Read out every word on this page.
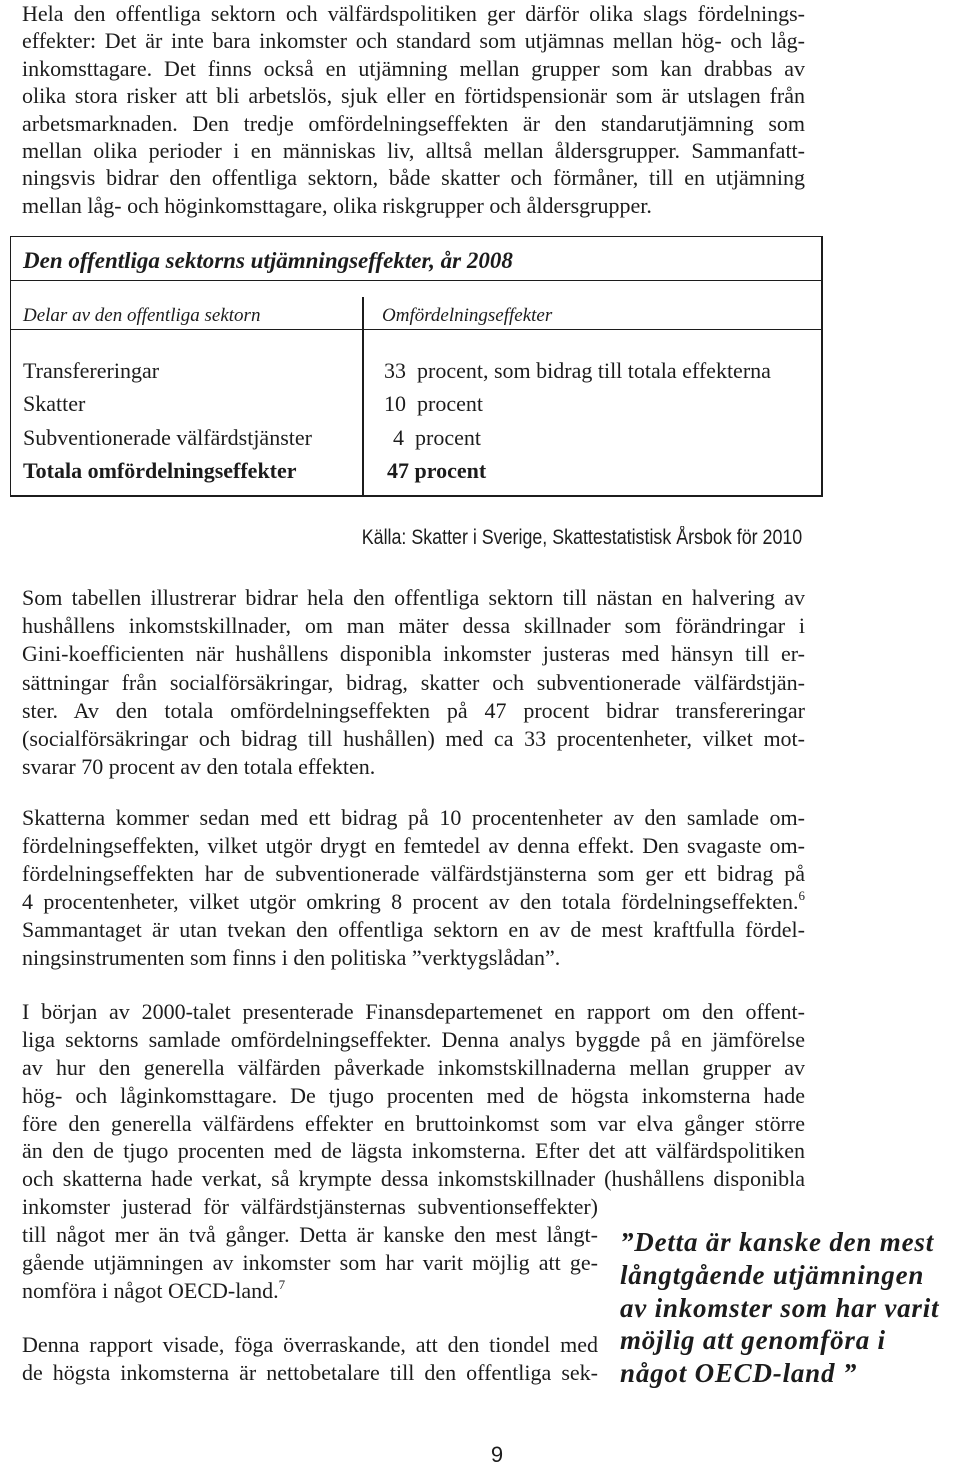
Hela den offentliga sektorn och välfärdspolitiken ger därför olika slags fördelnings-
effekter: Det är inte bara inkomster och standard som utjämnas mellan hög- och låg-
inkomsttagare. Det finns också en utjämning mellan grupper som kan drabbas av
olika stora risker att bli arbetslös, sjuk eller en förtidspensionär som är utslagen från
arbetsmarknaden. Den tredje omfördelningseffekten är den standarutjämning som
mellan olika perioder i en människas liv, alltså mellan åldersgrupper. Sammanfatt-
ningsvis bidrar den offentliga sektorn, både skatter och förmåner, till en utjämning
mellan låg- och höginkomsttagare, olika riskgrupper och åldersgrupper.
Den offentliga sektorns utjämningseffekter, år 2008
Delar av den offentliga sektorn	Omfördelningseffekter
Transfereringar	33  procent, som bidrag till totala effekterna
Skatter	10  procent
Subventionerade välfärdstjänster	4  procent
Totala omfördelningseffekter	47 procent
Källa: Skatter i Sverige, Skattestatistisk Årsbok för 2010
Som tabellen illustrerar bidrar hela den offentliga sektorn till nästan en halvering av
hushållens inkomstskillnader, om man mäter dessa skillnader som förändringar i
Gini-koefficienten när hushållens disponibla inkomster justeras med hänsyn till er-
sättningar från socialförsäkringar, bidrag, skatter och subventionerade välfärdstjän-
ster. Av den totala omfördelningseffekten på 47 procent bidrar transfereringar
(socialförsäkringar och bidrag till hushållen) med ca 33 procentenheter, vilket mot-
svarar 70 procent av den totala effekten.
Skatterna kommer sedan med ett bidrag på 10 procentenheter av den samlade om-
fördelningseffekten, vilket utgör drygt en femtedel av denna effekt. Den svagaste om-
fördelningseffekten har de subventionerade välfärdstjänsterna som ger ett bidrag på
4 procentenheter, vilket utgör omkring 8 procent av den totala fördelningseffekten.$^6$
Sammantaget är utan tvekan den offentliga sektorn en av de mest kraftfulla fördel-
ningsinstrumenten som finns i den politiska ”verktygslådan”.
I början av 2000-talet presenterade Finansdepartemenet en rapport om den offent-
liga sektorns samlade omfördelningseffekter. Denna analys byggde på en jämförelse
av hur den generella välfärden påverkade inkomstskillnaderna mellan grupper av
hög- och låginkomsttagare. De tjugo procenten med de högsta inkomsterna hade
före den generella välfärdens effekter en bruttoinkomst som var elva gånger större
än den de tjugo procenten med de lägsta inkomsterna. Efter det att välfärdspolitiken
och skatterna hade verkat, så krympte dessa inkomstskillnader (hushållens disponibla
inkomster justerad för välfärdstjänsternas subventionseffekter)
till något mer än två gånger. Detta är kanske den mest långt-
gående utjämningen av inkomster som har varit möjlig att ge-
nomföra i något OECD-land.$^7$
Denna rapport visade, föga överraskande, att den tiondel med
de högsta inkomsterna är nettobetalare till den offentliga sek-
”Detta är kanske den mest
långtgående utjämningen
av inkomster som har varit
möjlig att genomföra i
något OECD-land ”
9
